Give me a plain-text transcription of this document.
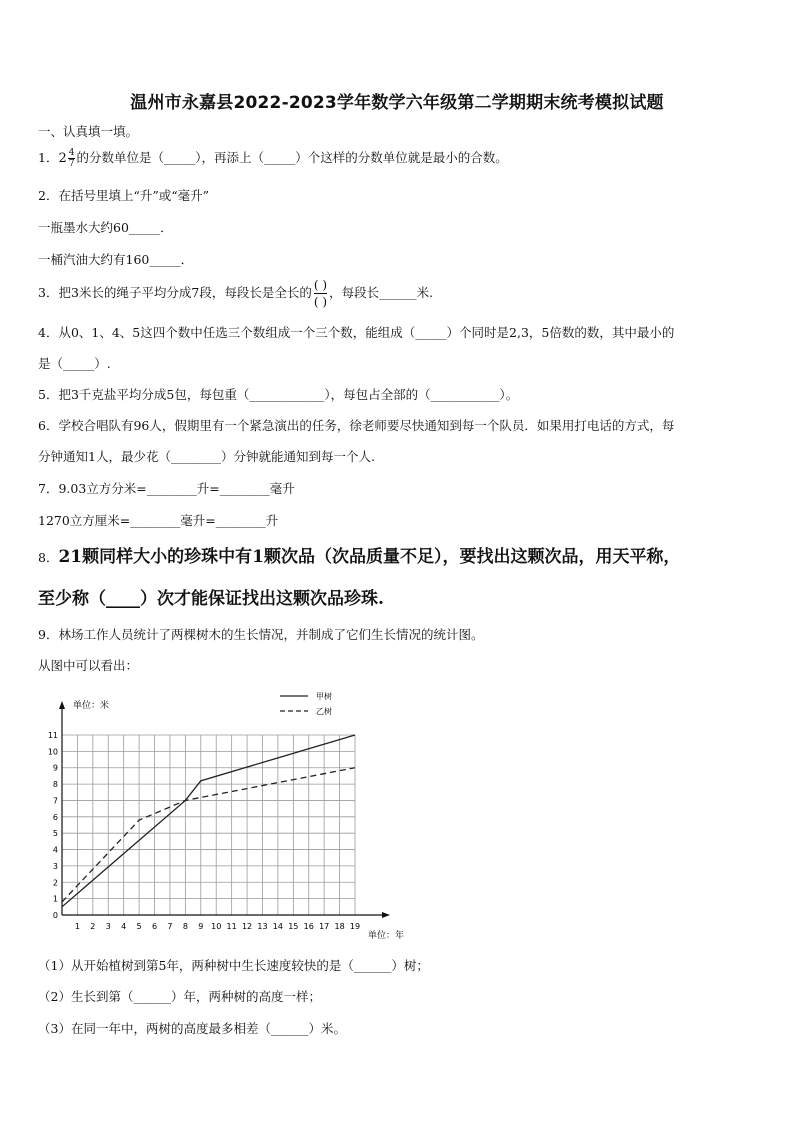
温州市永嘉县2022-2023学年数学六年级第二学期期末统考模拟试题
一、认真填一填。
1．$2 \frac{4}{7}$ 的分数单位是（_____），再添上（_____）个这样的分数单位就是最小的合数。
2．在括号里填上“升”或“毫升”
一瓶墨水大约60_____．
一桶汽油大约有160_____．
3．把3米长的绳子平均分成7段，每段长是全长的 ( )
( )
，每段长______米.
4．从0、1、4、5这四个数中任选三个数组成一个三个数，能组成（_____）个同时是2,3，5倍数的数，其中最小的
是（_____）.
5．把3千克盐平均分成5包，每包重（____________），每包占全部的（___________）。
6．学校合唱队有96人，假期里有一个紧急演出的任务，徐老师要尽快通知到每一个队员．如果用打电话的方式，每
分钟通知1人，最少花（________）分钟就能通知到每一个人.
7．9.03立方分米=________升=________毫升
1270立方厘米=________毫升=________升
8．21颗同样大小的珍珠中有1颗次品（次品质量不足），要找出这颗次品，用天平称，
至少称（____）次才能保证找出这颗次品珍珠.
9．林场工作人员统计了两棵树木的生长情况，并制成了它们生长情况的统计图。
从图中可以看出：
0
1
2
3
4
5
6
7
8
9
10
11
1 2 3 4 5 6 7 8 9 10 11 12 13 14 15 16 17 18 19
甲树
乙树
单位：米
单位：年
（1）从开始植树到第5年，两种树中生长速度较快的是（______）树；
（2）生长到第（______）年，两种树的高度一样；
（3）在同一年中，两树的高度最多相差（______）米。
